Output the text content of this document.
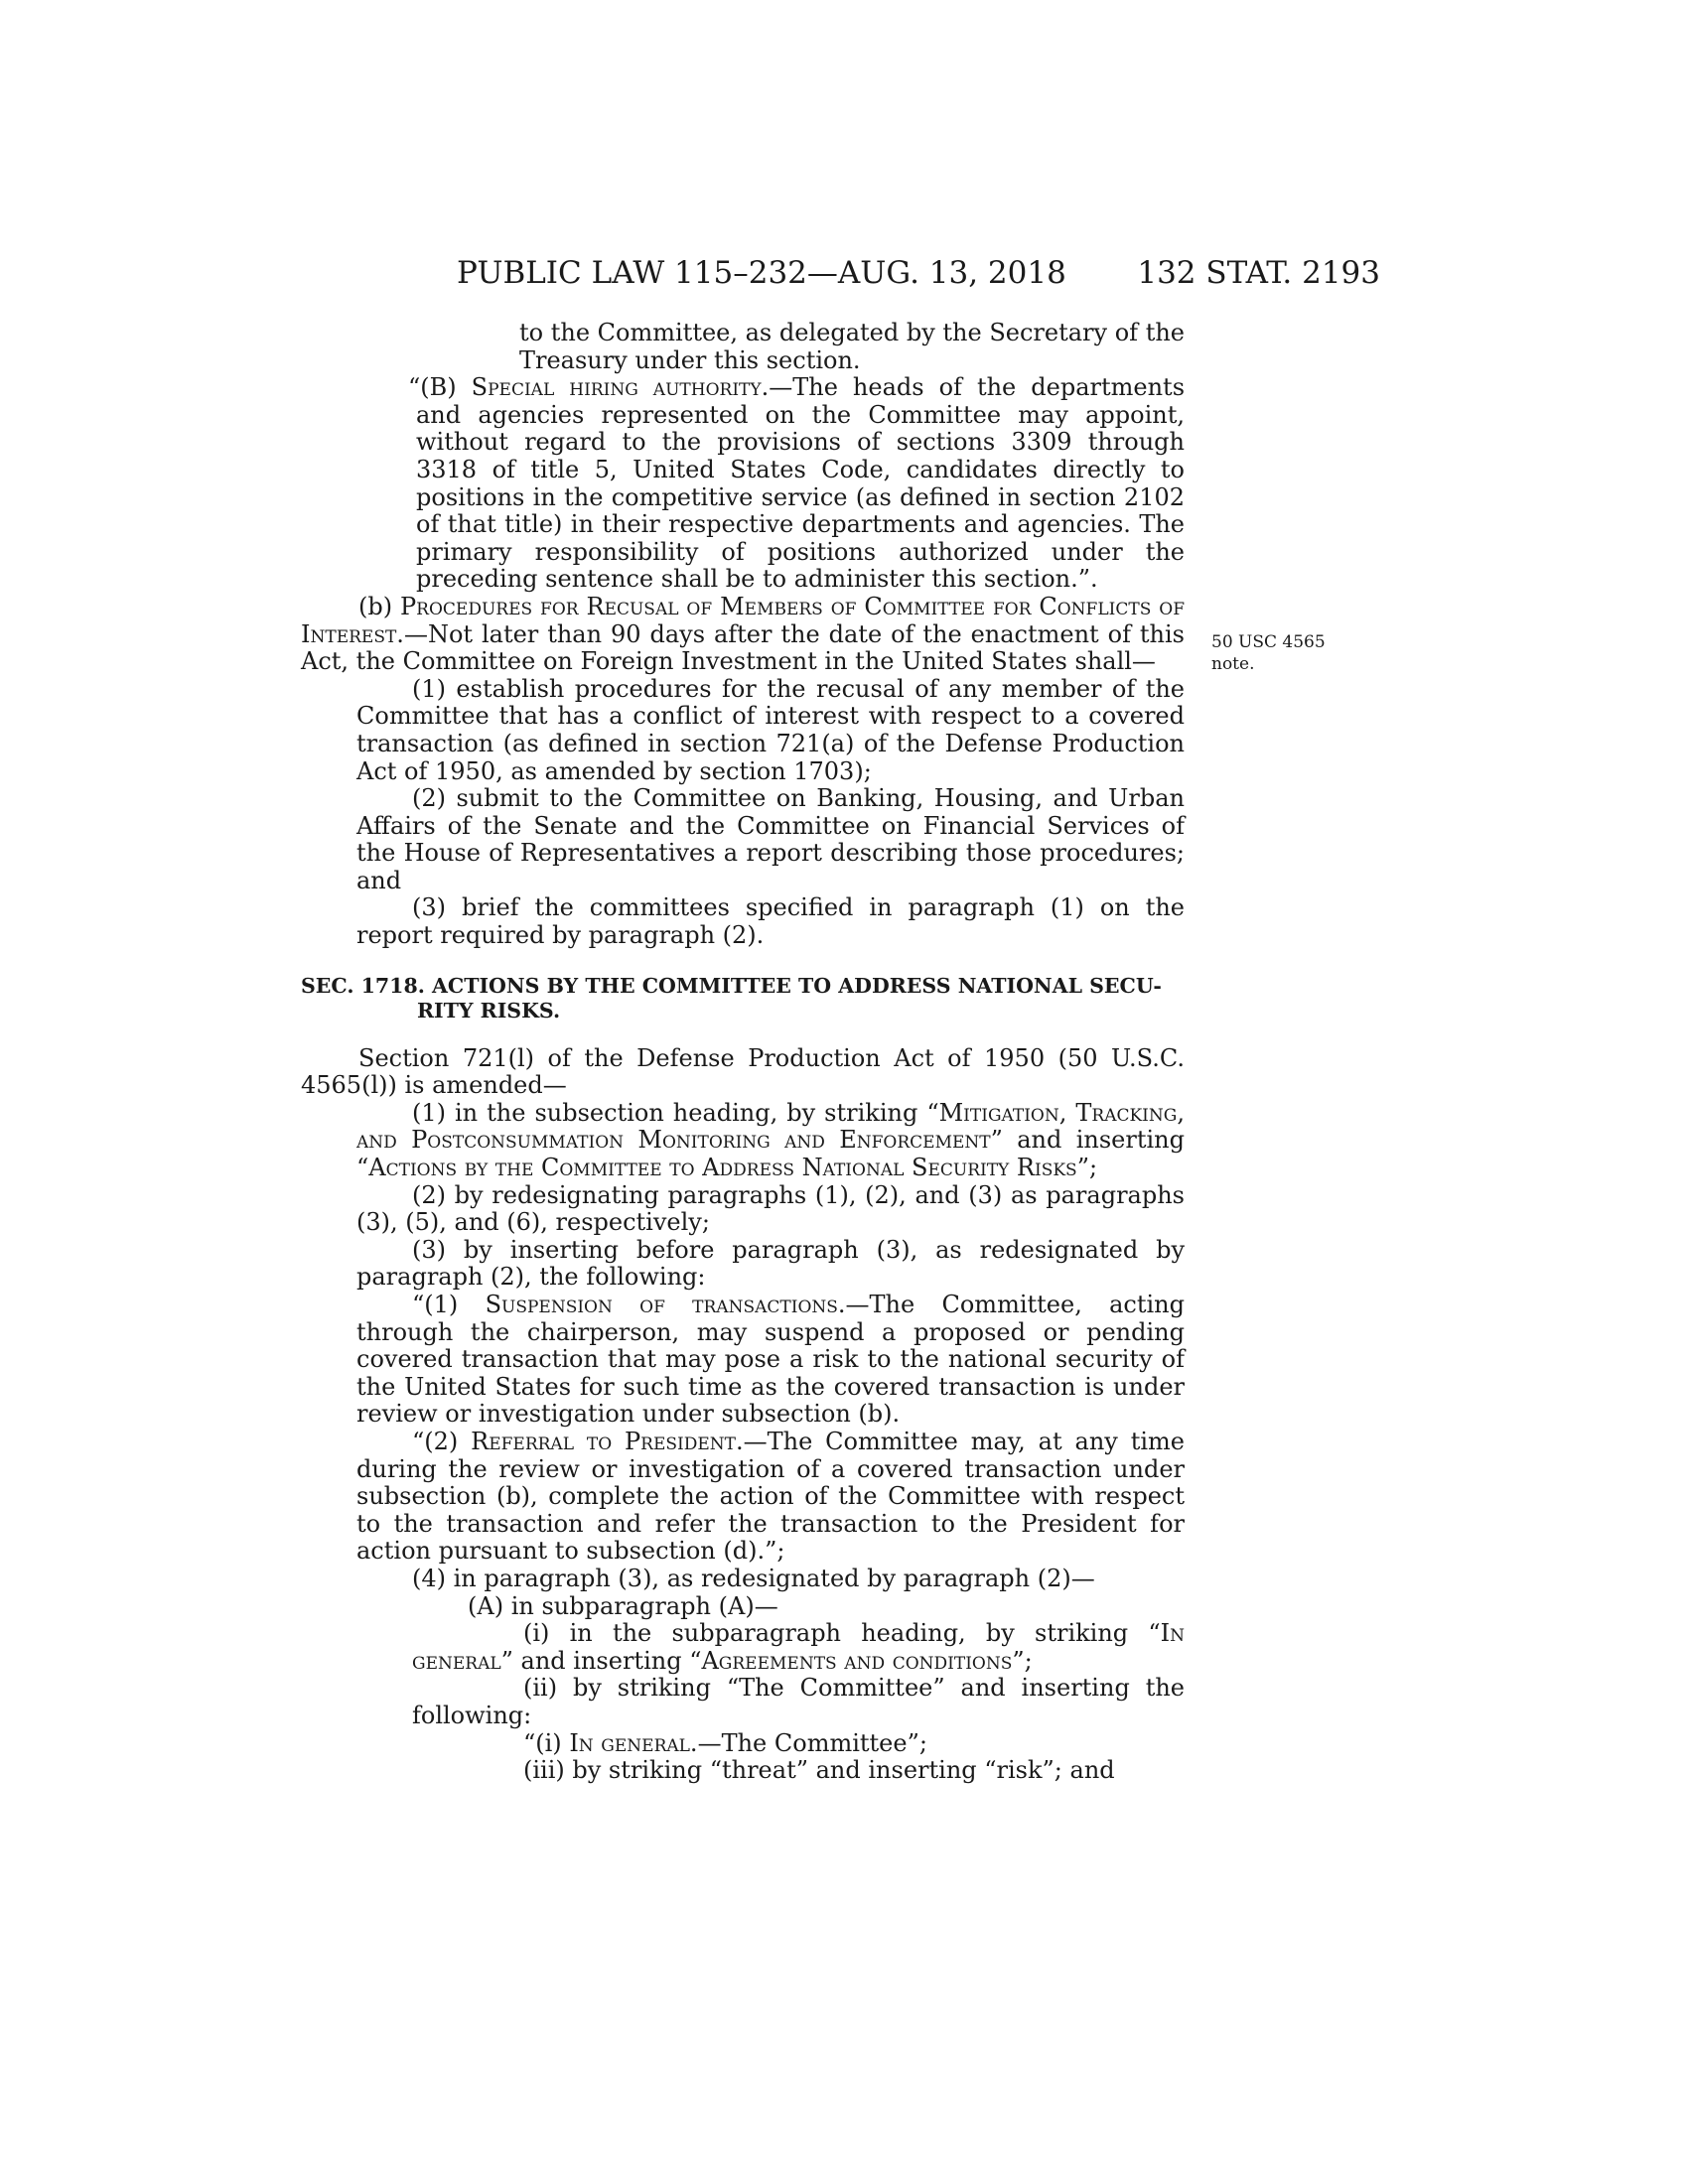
PUBLIC LAW 115–232—AUG. 13, 2018 132 STAT. 2193
50 USC 4565
note.

to the Committee, as delegated by the Secretary of the Treasury under this section.

“(B) Special hiring authority.—The heads of the departments and agencies represented on the Committee may appoint, without regard to the provisions of sections 3309 through 3318 of title 5, United States Code, candidates directly to positions in the competitive service (as defined in section 2102 of that title) in their respective departments and agencies. The primary responsibility of positions authorized under the preceding sentence shall be to administer this section.”.

(b) Procedures for Recusal of Members of Committee for Conflicts of Interest.—Not later than 90 days after the date of the enactment of this Act, the Committee on Foreign Investment in the United States shall—

(1) establish procedures for the recusal of any member of the Committee that has a conflict of interest with respect to a covered transaction (as defined in section 721(a) of the Defense Production Act of 1950, as amended by section 1703);

(2) submit to the Committee on Banking, Housing, and Urban Affairs of the Senate and the Committee on Financial Services of the House of Representatives a report describing those procedures; and

(3) brief the committees specified in paragraph (1) on the report required by paragraph (2).

SEC. 1718. ACTIONS BY THE COMMITTEE TO ADDRESS NATIONAL SECU-
RITY RISKS.

Section 721(l) of the Defense Production Act of 1950 (50 U.S.C. 4565(l)) is amended—

(1) in the subsection heading, by striking “Mitigation, Tracking, and Postconsummation Monitoring and Enforcement” and inserting “Actions by the Committee to Address National Security Risks”;

(2) by redesignating paragraphs (1), (2), and (3) as paragraphs (3), (5), and (6), respectively;

(3) by inserting before paragraph (3), as redesignated by paragraph (2), the following:

“(1) Suspension of transactions.—The Committee, acting through the chairperson, may suspend a proposed or pending covered transaction that may pose a risk to the national security of the United States for such time as the covered transaction is under review or investigation under subsection (b).

“(2) Referral to President.—The Committee may, at any time during the review or investigation of a covered transaction under subsection (b), complete the action of the Committee with respect to the transaction and refer the transaction to the President for action pursuant to subsection (d).”;

(4) in paragraph (3), as redesignated by paragraph (2)—

(A) in subparagraph (A)—

(i) in the subparagraph heading, by striking “In general” and inserting “Agreements and conditions”;

(ii) by striking “The Committee” and inserting the following:

“(i) In general.—The Committee”;

(iii) by striking “threat” and inserting “risk”; and
